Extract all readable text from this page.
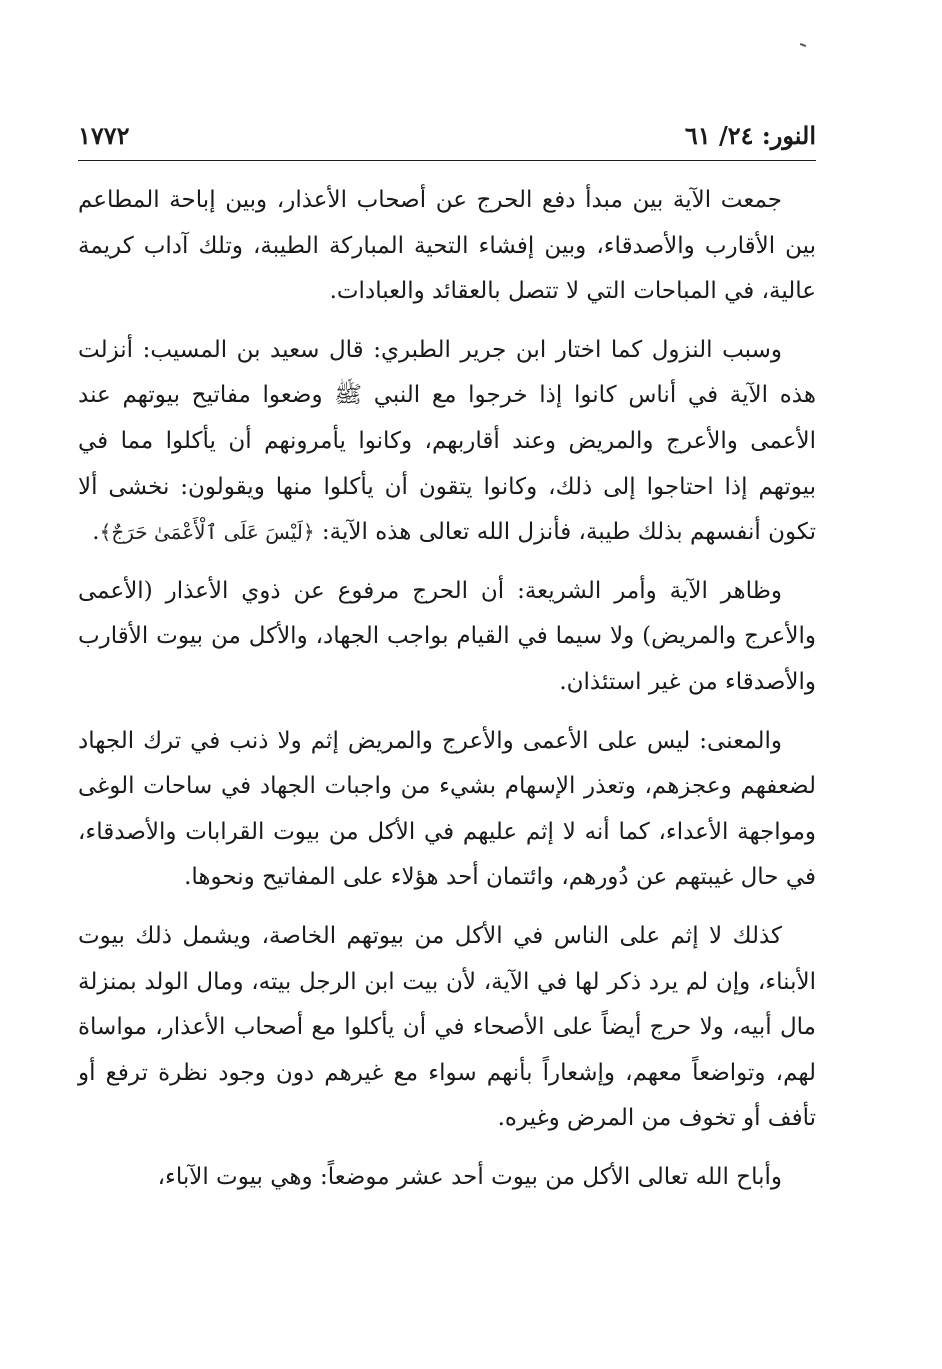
النور: ٢٤/ ٦١
١٧٧٢

جمعت الآية بين مبدأ دفع الحرج عن أصحاب الأعذار، وبين إباحة المطاعم بين الأقارب والأصدقاء، وبين إفشاء التحية المباركة الطيبة، وتلك آداب كريمة عالية، في المباحات التي لا تتصل بالعقائد والعبادات.

وسبب النزول كما اختار ابن جرير الطبري: قال سعيد بن المسيب: أنزلت هذه الآية في أناس كانوا إذا خرجوا مع النبي ﷺ وضعوا مفاتيح بيوتهم عند الأعمى والأعرج والمريض وعند أقاربهم، وكانوا يأمرونهم أن يأكلوا مما في بيوتهم إذا احتاجوا إلى ذلك، وكانوا يتقون أن يأكلوا منها ويقولون: نخشى ألا تكون أنفسهم بذلك طيبة، فأنزل الله تعالى هذه الآية: ﴿لَيْسَ عَلَى ٱلْأَعْمَىٰ حَرَجٌ﴾.

وظاهر الآية وأمر الشريعة: أن الحرج مرفوع عن ذوي الأعذار (الأعمى والأعرج والمريض) ولا سيما في القيام بواجب الجهاد، والأكل من بيوت الأقارب والأصدقاء من غير استئذان.

والمعنى: ليس على الأعمى والأعرج والمريض إثم ولا ذنب في ترك الجهاد لضعفهم وعجزهم، وتعذر الإسهام بشيء من واجبات الجهاد في ساحات الوغى ومواجهة الأعداء، كما أنه لا إثم عليهم في الأكل من بيوت القرابات والأصدقاء، في حال غيبتهم عن دُورهم، وائتمان أحد هؤلاء على المفاتيح ونحوها.

كذلك لا إثم على الناس في الأكل من بيوتهم الخاصة، ويشمل ذلك بيوت الأبناء، وإن لم يرد ذكر لها في الآية، لأن بيت ابن الرجل بيته، ومال الولد بمنزلة مال أبيه، ولا حرج أيضاً على الأصحاء في أن يأكلوا مع أصحاب الأعذار، مواساة لهم، وتواضعاً معهم، وإشعاراً بأنهم سواء مع غيرهم دون وجود نظرة ترفع أو تأفف أو تخوف من المرض وغيره.

وأباح الله تعالى الأكل من بيوت أحد عشر موضعاً: وهي بيوت الآباء،
